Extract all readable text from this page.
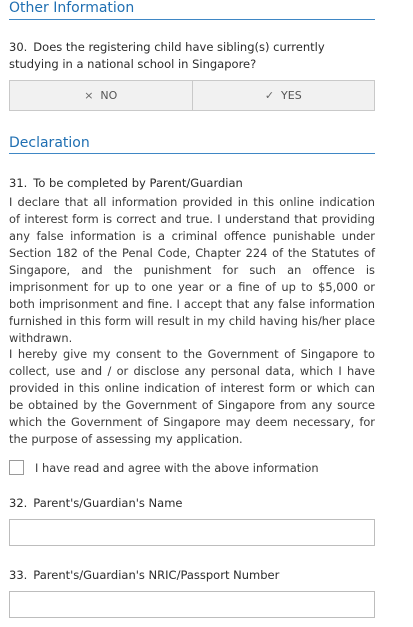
Other Information
30. Does the registering child have sibling(s) currently studying in a national school in Singapore?
× NO	✓ YES
Declaration
31. To be completed by Parent/Guardian
I declare that all information provided in this online indication of interest form is correct and true. I understand that providing any false information is a criminal offence punishable under Section 182 of the Penal Code, Chapter 224 of the Statutes of Singapore, and the punishment for such an offence is imprisonment for up to one year or a fine of up to $5,000 or both imprisonment and fine. I accept that any false information furnished in this form will result in my child having his/her place withdrawn.
I hereby give my consent to the Government of Singapore to collect, use and / or disclose any personal data, which I have provided in this online indication of interest form or which can be obtained by the Government of Singapore from any source which the Government of Singapore may deem necessary, for the purpose of assessing my application.
I have read and agree with the above information
32. Parent's/Guardian's Name
33. Parent's/Guardian's NRIC/Passport Number
